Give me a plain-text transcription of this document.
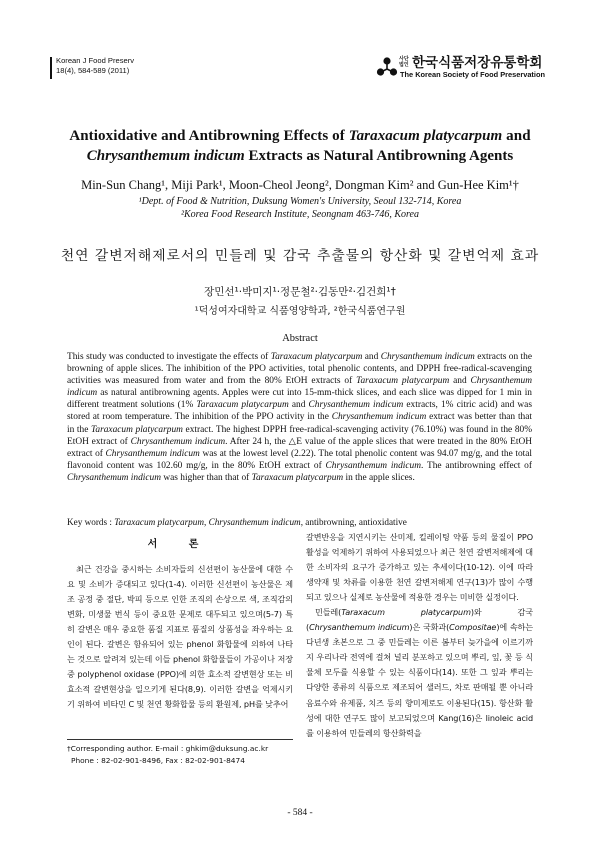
Korean J Food Preserv
18(4), 584-589 (2011)
사단법인 한국식품저장유통학회
The Korean Society of Food Preservation
Antioxidative and Antibrowning Effects of Taraxacum platycarpum and
Chrysanthemum indicum Extracts as Natural Antibrowning Agents
Min-Sun Chang¹, Miji Park¹, Moon-Cheol Jeong², Dongman Kim² and Gun-Hee Kim¹†
¹Dept. of Food & Nutrition, Duksung Women's University, Seoul 132-714, Korea
²Korea Food Research Institute, Seongnam 463-746, Korea
천연 갈변저해제로서의 민들레 및 감국 추출물의 항산화 및 갈변억제 효과
장민선¹·박미지¹·정문철²·김동만²·김건희¹†
¹덕성여자대학교 식품영양학과, ²한국식품연구원
Abstract
This study was conducted to investigate the effects of Taraxacum platycarpum and Chrysanthemum indicum extracts on the browning of apple slices. The inhibition of the PPO activities, total phenolic contents, and DPPH free-radical-scavenging activities was measured from water and from the 80% EtOH extracts of Taraxacum platycarpum and Chrysanthemum indicum as natural antibrowning agents. Apples were cut into 15-mm-thick slices, and each slice was dipped for 1 min in different treatment solutions (1% Taraxacum platycarpum and Chrysanthemum indicum extracts, 1% citric acid) and was stored at room temperature. The inhibition of the PPO activity in the Chrysanthemum indicum extract was better than that in the Taraxacum platycarpum extract. The highest DPPH free-radical-scavenging activity (76.10%) was found in the 80% EtOH extract of Chrysanthemum indicum. After 24 h, the △E value of the apple slices that were treated in the 80% EtOH extract of Chrysanthemum indicum was at the lowest level (2.22). The total phenolic content was 94.07 mg/g, and the total flavonoid content was 102.60 mg/g, in the 80% EtOH extract of Chrysanthemum indicum. The antibrowning effect of Chrysanthemum indicum was higher than that of Taraxacum platycarpum in the apple slices.
Key words : Taraxacum platycarpum, Chrysanthemum indicum, antibrowning, antioxidative
서 론

최근 건강을 중시하는 소비자들의 신선편이 농산물에 대한 수요 및 소비가 증대되고 있다(1-4). 이러한 신선편이 농산물은 제조 공정 중 절단, 박피 등으로 인한 조직의 손상으로 색, 조직감의 변화, 미생물 번식 등이 중요한 문제로 대두되고 있으며(5-7) 특히 갈변은 매우 중요한 품질 지표로 품질의 상품성을 좌우하는 요인이 된다. 갈변은 함유되어 있는 phenol 화합물에 의하여 나타는 것으로 알려져 있는데 이들 phenol 화합물들이 가공이나 저장 중 polyphenol oxidase (PPO)에 의한 효소적 갈변현상 또는 비효소적 갈변현상을 일으키게 된다(8,9). 이러한 갈변을 억제시키기 위하여 비타민 C 및 천연 황화합물 등의 환원제, pH를 낮추어

갈변반응을 지연시키는 산미제, 킬레이팅 약품 등의 물질이 PPO 활성을 억제하기 위하여 사용되었으나 최근 천연 갈변저해제에 대한 소비자의 요구가 증가하고 있는 추세이다(10-12). 이에 따라 생약재 및 차류를 이용한 천연 갈변저해제 연구(13)가 많이 수행되고 있으나 실제로 농산물에 적용한 경우는 미비한 실정이다.

민들레(Taraxacum platycarpum)와 감국(Chrysanthemum indicum)은 국화과(Compositae)에 속하는 다년생 초본으로 그 중 민들레는 이른 봄부터 늦가을에 이르기까지 우리나라 전역에 걸쳐 널리 분포하고 있으며 뿌리, 잎, 꽃 등 식물체 모두를 식용할 수 있는 식품이다(14). 또한 그 잎과 뿌리는 다양한 종류의 식품으로 제조되어 샐러드, 차로 판매될 뿐 아니라 음료수와 유제품, 치즈 등의 향미제로도 이용된다(15). 항산화 활성에 대한 연구도 많이 보고되었으며 Kang(16)은 linoleic acid를 이용하여 민들레의 항산화력을

†Corresponding author. E-mail : ghkim@duksung.ac.kr
Phone : 82-02-901-8496, Fax : 82-02-901-8474
- 584 -
